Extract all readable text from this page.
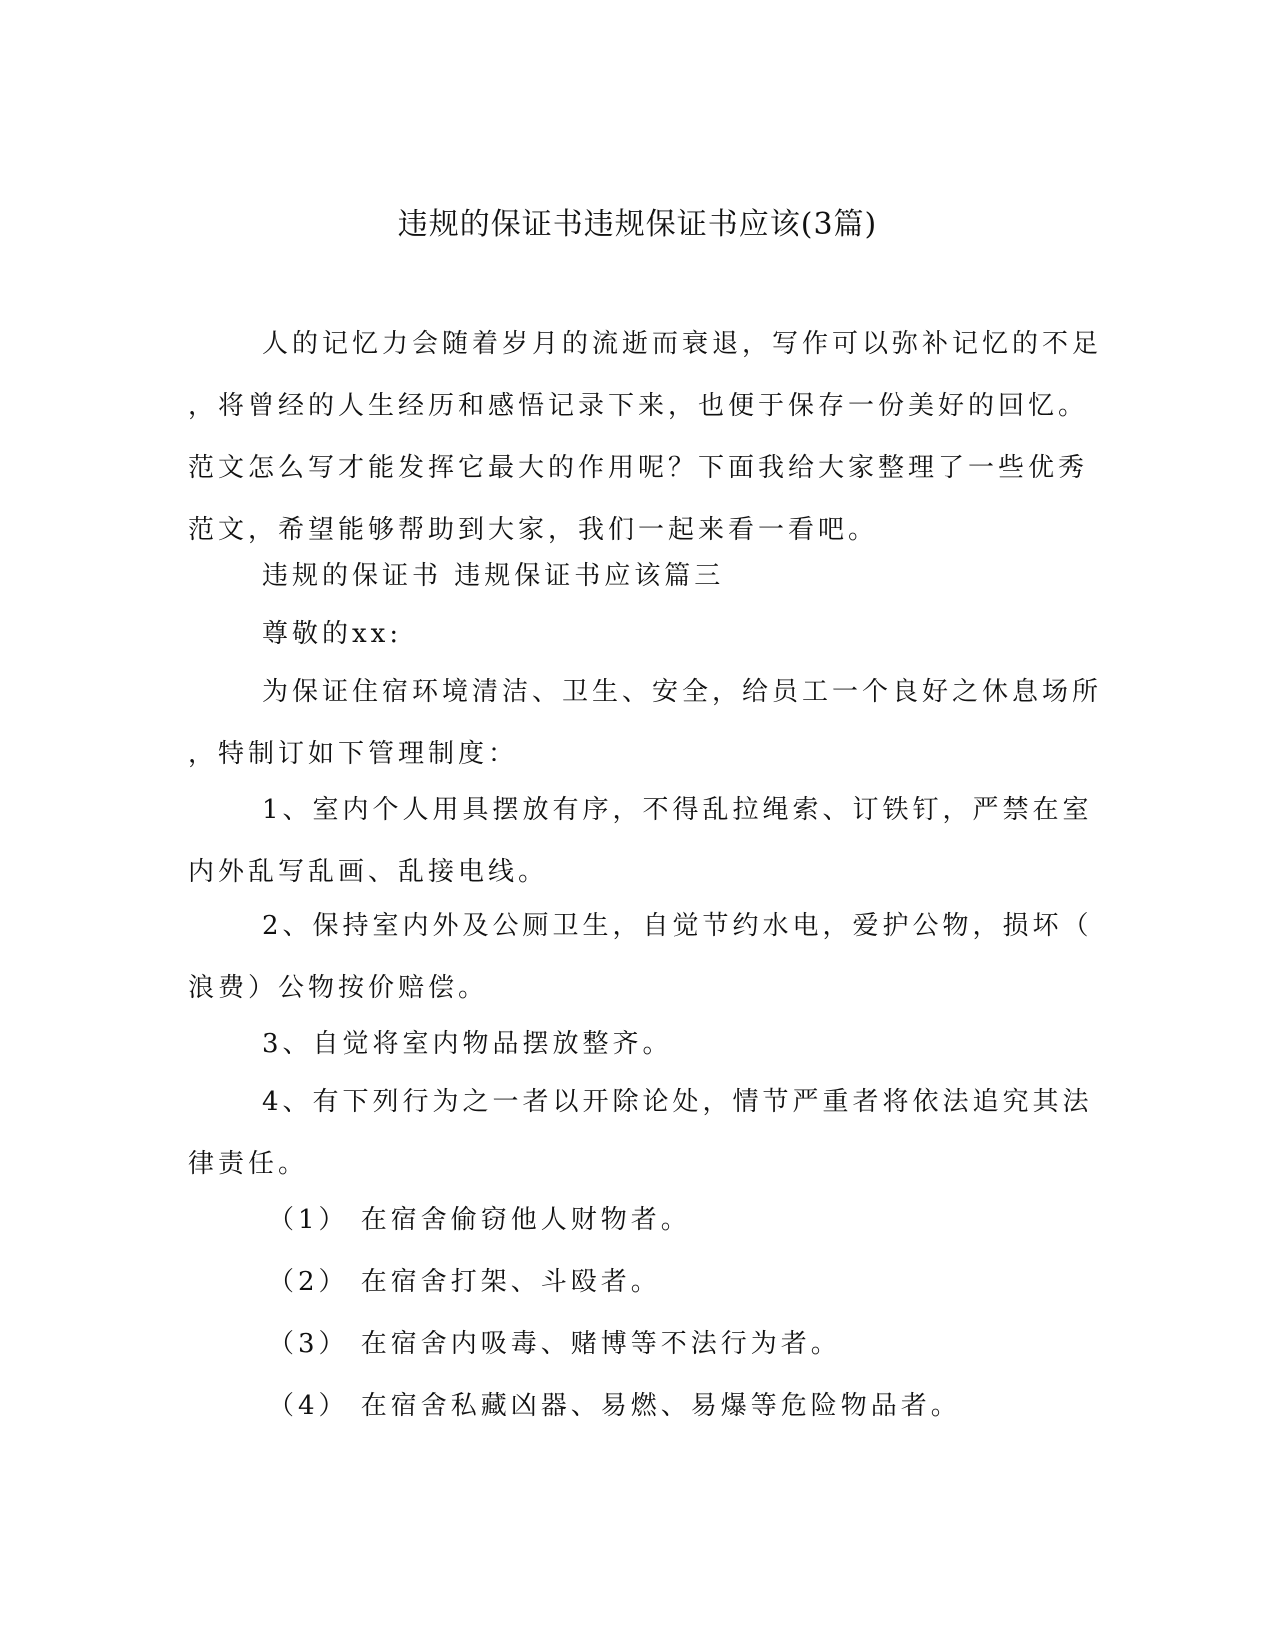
违规的保证书违规保证书应该(3篇)
人的记忆力会随着岁月的流逝而衰退，写作可以弥补记忆的不足
，将曾经的人生经历和感悟记录下来，也便于保存一份美好的回忆。
范文怎么写才能发挥它最大的作用呢？下面我给大家整理了一些优秀
范文，希望能够帮助到大家，我们一起来看一看吧。
违规的保证书 违规保证书应该篇三
尊敬的xx:
为保证住宿环境清洁、卫生、安全，给员工一个良好之休息场所
，特制订如下管理制度：
1、室内个人用具摆放有序，不得乱拉绳索、订铁钉，严禁在室
内外乱写乱画、乱接电线。
2、保持室内外及公厕卫生，自觉节约水电，爱护公物，损坏（
浪费）公物按价赔偿。
3、自觉将室内物品摆放整齐。
4、有下列行为之一者以开除论处，情节严重者将依法追究其法
律责任。
（1） 在宿舍偷窃他人财物者。
（2） 在宿舍打架、斗殴者。
（3） 在宿舍内吸毒、赌博等不法行为者。
（4） 在宿舍私藏凶器、易燃、易爆等危险物品者。
